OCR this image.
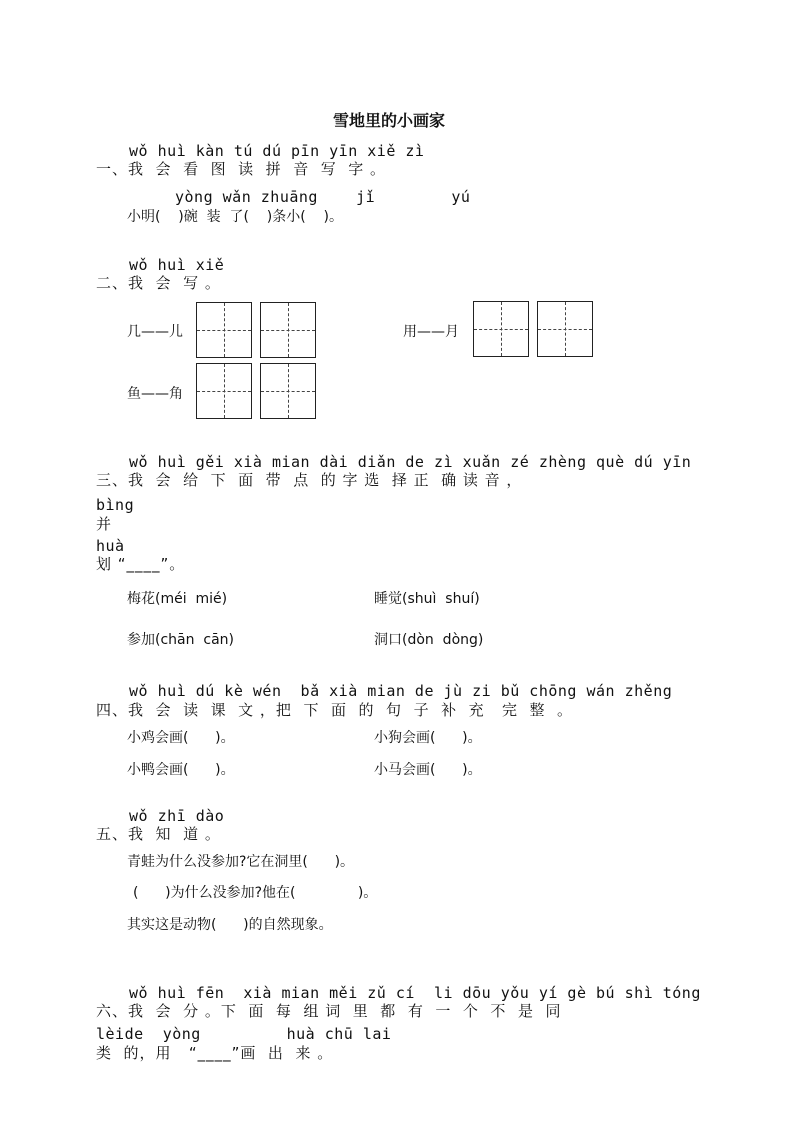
雪地里的小画家
wǒ huì kàn tú dú pīn yīn xiě zì
一、我  会  看  图  读  拼  音  写  字 。
yòng wǎn zhuāng    jǐ        yú
小明(    )碗  装  了(    )条小(    )。
wǒ huì xiě
二、我  会  写 。
几——儿	用——月
鱼——角
wǒ huì gěi xià mian dài diǎn de zì xuǎn zé zhèng què dú yīn
三、我  会  给  下  面  带  点  的 字 选  择 正  确 读 音 ，
bìng
并
huà
划 “____”。
梅花(méi  mié)	睡觉(shuì  shuí)
参加(chān  cān)	洞口(dòn  dòng)
wǒ huì dú kè wén  bǎ xià mian de jù zi bǔ chōng wán zhěng
四、我  会  读  课  文 ，把  下  面  的  句  子  补  充   完  整  。
小鸡会画(      )。	小狗会画(      )。
小鸭会画(      )。	小马会画(      )。
wǒ zhī dào
五、我  知  道 。
青蛙为什么没参加?它在洞里(      )。
(      )为什么没参加?他在(              )。
其实这是动物(      )的自然现象。
wǒ huì fēn  xià mian měi zǔ cí  li dōu yǒu yí gè bú shì tóng
六、我  会  分 。下  面  每  组 词  里  都  有  一  个  不  是  同
lèide  yòng         huà chū lai
类  的，用   “____”画  出  来 。
